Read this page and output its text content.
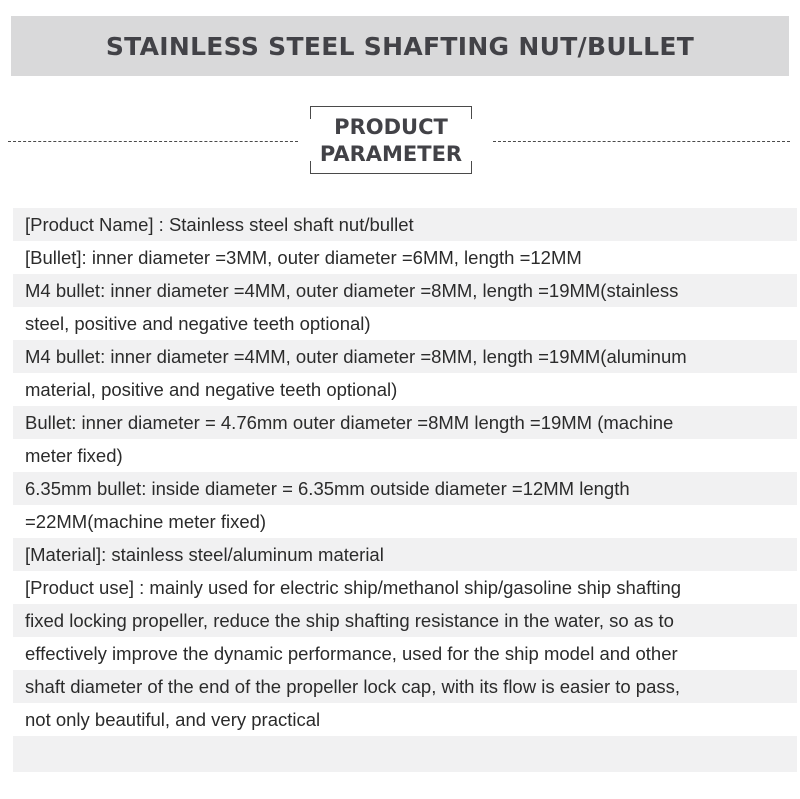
STAINLESS STEEL SHAFTING NUT/BULLET
PRODUCT
PARAMETER
[Product Name] : Stainless steel shaft nut/bullet
[Bullet]: inner diameter =3MM, outer diameter =6MM, length =12MM
M4 bullet: inner diameter =4MM, outer diameter =8MM, length =19MM(stainless
steel, positive and negative teeth optional)
M4 bullet: inner diameter =4MM, outer diameter =8MM, length =19MM(aluminum
material, positive and negative teeth optional)
Bullet: inner diameter = 4.76mm outer diameter =8MM length =19MM (machine
meter fixed)
6.35mm bullet: inside diameter = 6.35mm outside diameter =12MM length
=22MM(machine meter fixed)
[Material]: stainless steel/aluminum material
[Product use] : mainly used for electric ship/methanol ship/gasoline ship shafting
fixed locking propeller, reduce the ship shafting resistance in the water, so as to
effectively improve the dynamic performance, used for the ship model and other
shaft diameter of the end of the propeller lock cap, with its flow is easier to pass,
not only beautiful, and very practical
